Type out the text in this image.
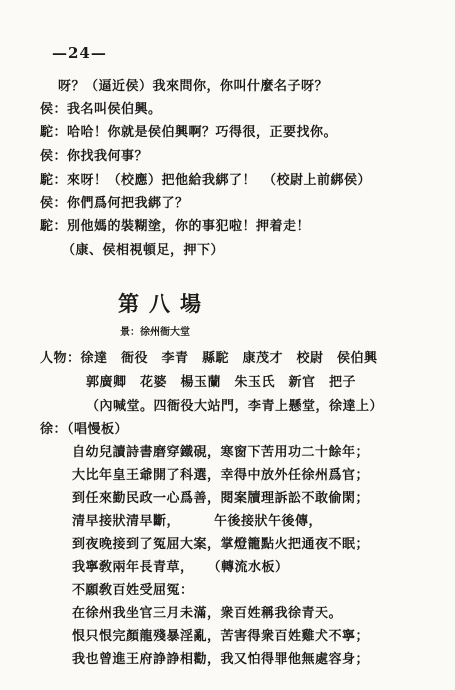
—24—
呀？（逼近侯）我來問你，你叫什麼名子呀？
侯：我名叫侯伯興。
駝：哈哈！你就是侯伯興啊？巧得很，正要找你。
侯：你找我何事？
駝：來呀！（校應）把他給我綁了！　（校尉上前綁侯）
侯：你們爲何把我綁了？
駝：別他媽的裝糊塗，你的事犯啦！押着走！
（康、侯相視頓足，押下）
第八場
景：徐州衙大堂
人物：徐達　衙役　李青　縣駝　康茂才　校尉　侯伯興
郭廣卿　花婆　楊玉蘭　朱玉氏　新官　把子
（內喊堂。四衙役大站門，李青上懸堂，徐達上）
徐：（唱慢板）
自幼兒讀詩書磨穿鐵硯，寒窗下苦用功二十餘年；
大比年皇王爺開了科選，幸得中放外任徐州爲官；
到任來勤民政一心爲善，閱案牘理訴訟不敢偷閑；
清早接狀清早斷，　　　午後接狀午後傳，
到夜晚接到了冤屈大案，掌燈籠點火把通夜不眠；
我寧敎兩年長青草，　　（轉流水板）
不願敎百姓受屈冤：
在徐州我坐官三月未滿，衆百姓稱我徐青天。
恨只恨完顏龍殘暴淫亂，苦害得衆百姓雞犬不寧；
我也曾進王府諍諍相勸，我又怕得罪他無處容身；
